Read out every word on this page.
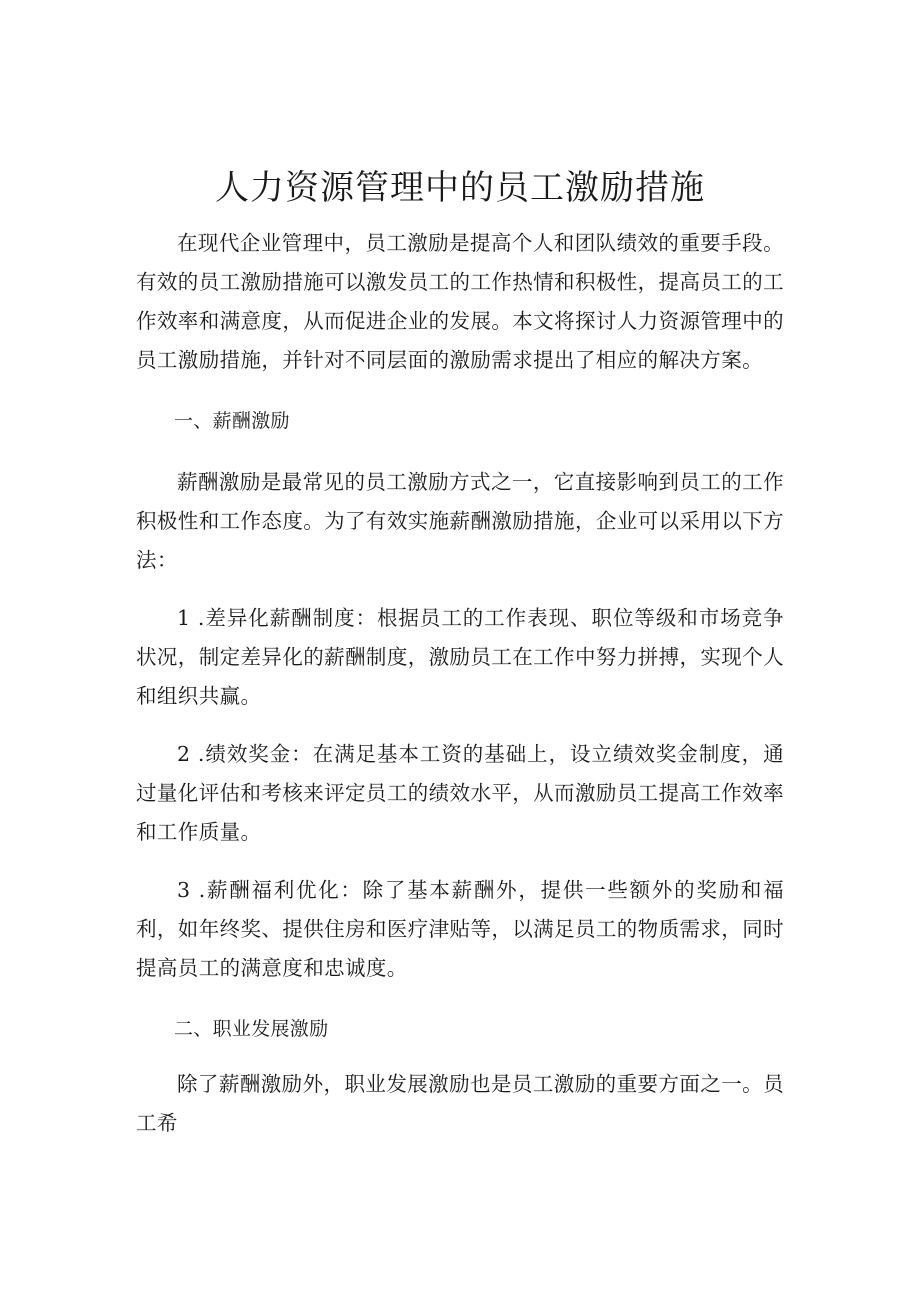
人力资源管理中的员工激励措施

在现代企业管理中，员工激励是提高个人和团队绩效的重要手段。有效的员工激励措施可以激发员工的工作热情和积极性，提高员工的工作效率和满意度，从而促进企业的发展。本文将探讨人力资源管理中的员工激励措施，并针对不同层面的激励需求提出了相应的解决方案。

一、薪酬激励

薪酬激励是最常见的员工激励方式之一，它直接影响到员工的工作积极性和工作态度。为了有效实施薪酬激励措施，企业可以采用以下方法：

1 .差异化薪酬制度：根据员工的工作表现、职位等级和市场竞争状况，制定差异化的薪酬制度，激励员工在工作中努力拼搏，实现个人和组织共赢。

2 .绩效奖金：在满足基本工资的基础上，设立绩效奖金制度，通过量化评估和考核来评定员工的绩效水平，从而激励员工提高工作效率和工作质量。

3 .薪酬福利优化：除了基本薪酬外，提供一些额外的奖励和福利，如年终奖、提供住房和医疗津贴等，以满足员工的物质需求，同时提高员工的满意度和忠诚度。

二、职业发展激励

除了薪酬激励外，职业发展激励也是员工激励的重要方面之一。员工希
